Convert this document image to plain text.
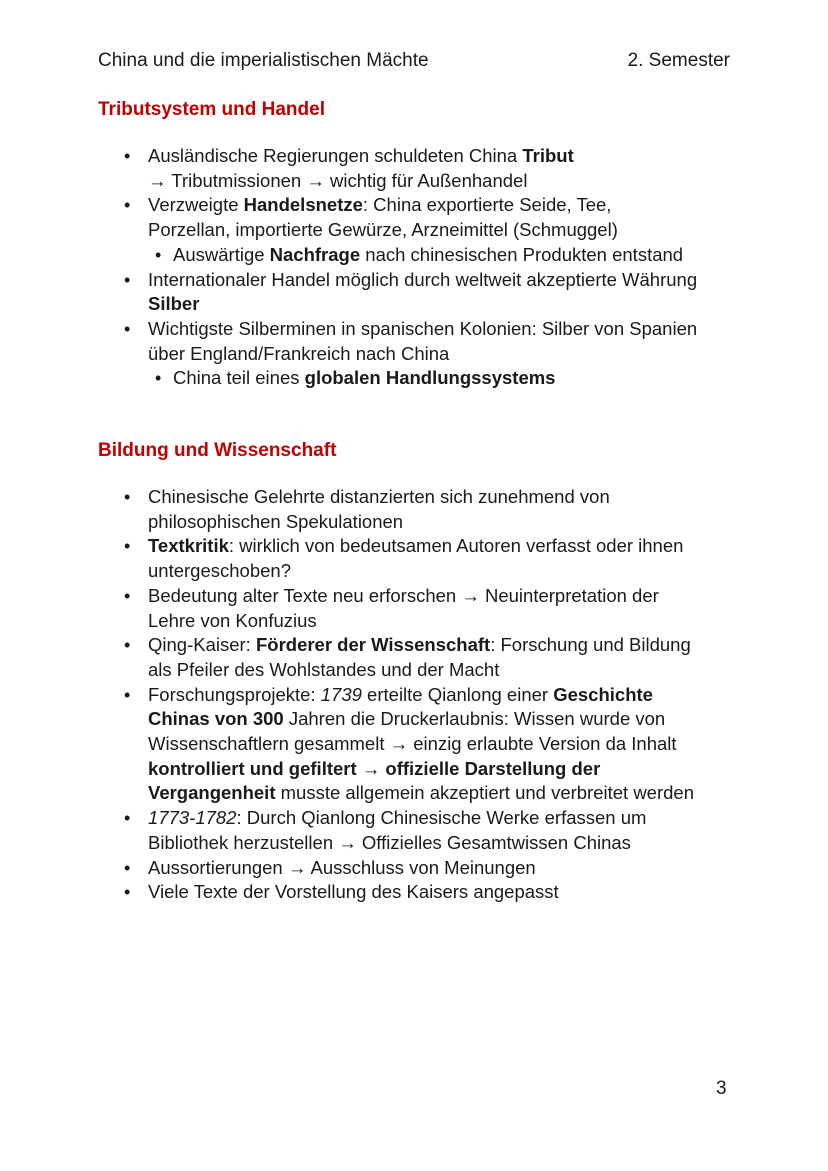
China und die imperialistischen Mächte	2. Semester
Tributsystem und Handel
• Ausländische Regierungen schuldeten China Tribut
→ Tributmissionen → wichtig für Außenhandel
• Verzweigte Handelsnetze: China exportierte Seide, Tee,
Porzellan, importierte Gewürze, Arzneimittel (Schmuggel)
• Auswärtige Nachfrage nach chinesischen Produkten entstand
• Internationaler Handel möglich durch weltweit akzeptierte Währung
Silber
• Wichtigste Silberminen in spanischen Kolonien: Silber von Spanien
über England/Frankreich nach China
• China teil eines globalen Handlungssystems
Bildung und Wissenschaft
• Chinesische Gelehrte distanzierten sich zunehmend von
philosophischen Spekulationen
• Textkritik: wirklich von bedeutsamen Autoren verfasst oder ihnen
untergeschoben?
• Bedeutung alter Texte neu erforschen → Neuinterpretation der
Lehre von Konfuzius
• Qing-Kaiser: Förderer der Wissenschaft: Forschung und Bildung
als Pfeiler des Wohlstandes und der Macht
• Forschungsprojekte: 1739 erteilte Qianlong einer Geschichte
Chinas von 300 Jahren die Druckerlaubnis: Wissen wurde von
Wissenschaftlern gesammelt → einzig erlaubte Version da Inhalt
kontrolliert und gefiltert → offizielle Darstellung der
Vergangenheit musste allgemein akzeptiert und verbreitet werden
• 1773-1782: Durch Qianlong Chinesische Werke erfassen um
Bibliothek herzustellen → Offizielles Gesamtwissen Chinas
• Aussortierungen → Ausschluss von Meinungen
• Viele Texte der Vorstellung des Kaisers angepasst
3
